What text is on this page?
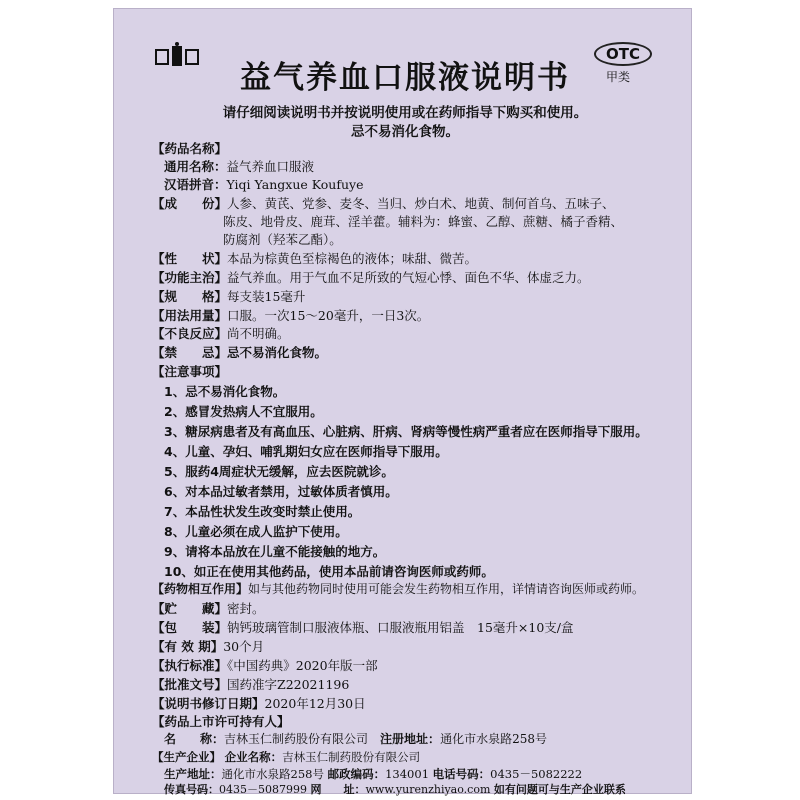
益气养血口服液说明书
OTC
甲类
请仔细阅读说明书并按说明使用或在药师指导下购买和使用。
忌不易消化食物。
【药品名称】
通用名称：益气养血口服液
汉语拼音：Yiqi Yangxue Koufuye
【成　　份】人参、黄芪、党参、麦冬、当归、炒白术、地黄、制何首乌、五味子、
陈皮、地骨皮、鹿茸、淫羊藿。辅料为：蜂蜜、乙醇、蔗糖、橘子香精、
防腐剂（羟苯乙酯）。
【性　　状】本品为棕黄色至棕褐色的液体；味甜、微苦。
【功能主治】益气养血。用于气血不足所致的气短心悸、面色不华、体虚乏力。
【规　　格】每支装15毫升
【用法用量】口服。一次15～20毫升，一日3次。
【不良反应】尚不明确。
【禁　　忌】忌不易消化食物。
【注意事项】
1、忌不易消化食物。
2、感冒发热病人不宜服用。
3、糖尿病患者及有高血压、心脏病、肝病、肾病等慢性病严重者应在医师指导下服用。
4、儿童、孕妇、哺乳期妇女应在医师指导下服用。
5、服药4周症状无缓解，应去医院就诊。
6、对本品过敏者禁用，过敏体质者慎用。
7、本品性状发生改变时禁止使用。
8、儿童必须在成人监护下使用。
9、请将本品放在儿童不能接触的地方。
10、如正在使用其他药品，使用本品前请咨询医师或药师。
【药物相互作用】如与其他药物同时使用可能会发生药物相互作用，详情请咨询医师或药师。
【贮　　藏】密封。
【包　　装】钠钙玻璃管制口服液体瓶、口服液瓶用铝盖　15毫升×10支/盒
【有 效 期】30个月
【执行标准】《中国药典》2020年版一部
【批准文号】国药准字Z22021196
【说明书修订日期】2020年12月30日
【药品上市许可持有人】
名　　称：吉林玉仁制药股份有限公司　 注册地址：通化市水泉路258号
【生产企业】 企业名称：吉林玉仁制药股份有限公司
生产地址：通化市水泉路258号 邮政编码：134001 电话号码：0435－5082222
传真号码：0435－5087999 网　　址：www.yurenzhiyao.com 如有问题可与生产企业联系
